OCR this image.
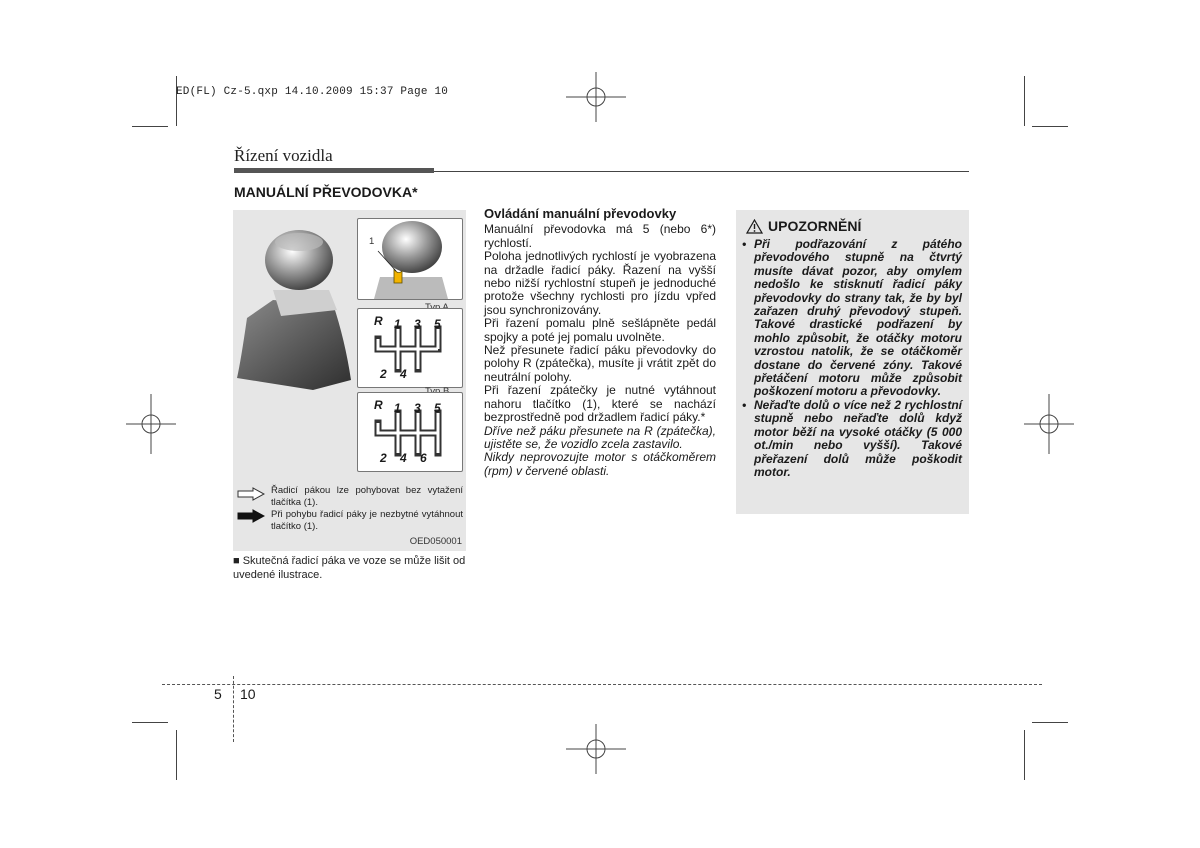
ED(FL) Cz-5.qxp 14.10.2009 15:37 Page 10
Řízení vozidla
MANUÁLNÍ PŘEVODOVKA*
1
R 1 3 5
2 4
R 1 3 5
2 4 6
Řadicí pákou lze pohybovat bez vytažení tlačítka (1).
Při pohybu řadicí páky je nezbytné vytáhnout tlačítko (1).
OED050001
■ Skutečná řadicí páka ve voze se může lišit od uvedené ilustrace.
Ovládání manuální převodovky

Manuální převodovka má 5 (nebo 6*) rychlostí.

Poloha jednotlivých rychlostí je vyobrazena na držadle řadicí páky. Řazení na vyšší nebo nižší rychlostní stupeň je jednoduché protože všechny rychlosti pro jízdu vpřed jsou synchronizovány.

Při řazení pomalu plně sešlápněte pedál spojky a poté jej pomalu uvolněte.

Než přesunete řadicí páku převodovky do polohy R (zpátečka), musíte ji vrátit zpět do neutrální polohy.

Při řazení zpátečky je nutné vytáhnout nahoru tlačítko (1), které se nachází bezprostředně pod držadlem řadicí páky.*

Dříve než páku přesunete na R (zpátečka), ujistěte se, že vozidlo zcela zastavilo.

Nikdy neprovozujte motor s otáčkoměrem (rpm) v červené oblasti.

UPOZORNĚNÍ
• Při podřazování z pátého převodového stupně na čtvrtý musíte dávat pozor, aby omylem nedošlo ke stisknutí řadicí páky převodovky do strany tak, že by byl zařazen druhý převodový stupeň. Takové drastické podřazení by mohlo způsobit, že otáčky motoru vzrostou natolik, že se otáčkoměr dostane do červené zóny. Takové přetáčení motoru může způsobit poškození motoru a převodovky.
• Neřaďte dolů o více než 2 rychlostní stupně nebo neřaďte dolů když motor běží na vysoké otáčky (5 000 ot./min nebo vyšší). Takové přeřazení dolů může poškodit motor.
5 10
